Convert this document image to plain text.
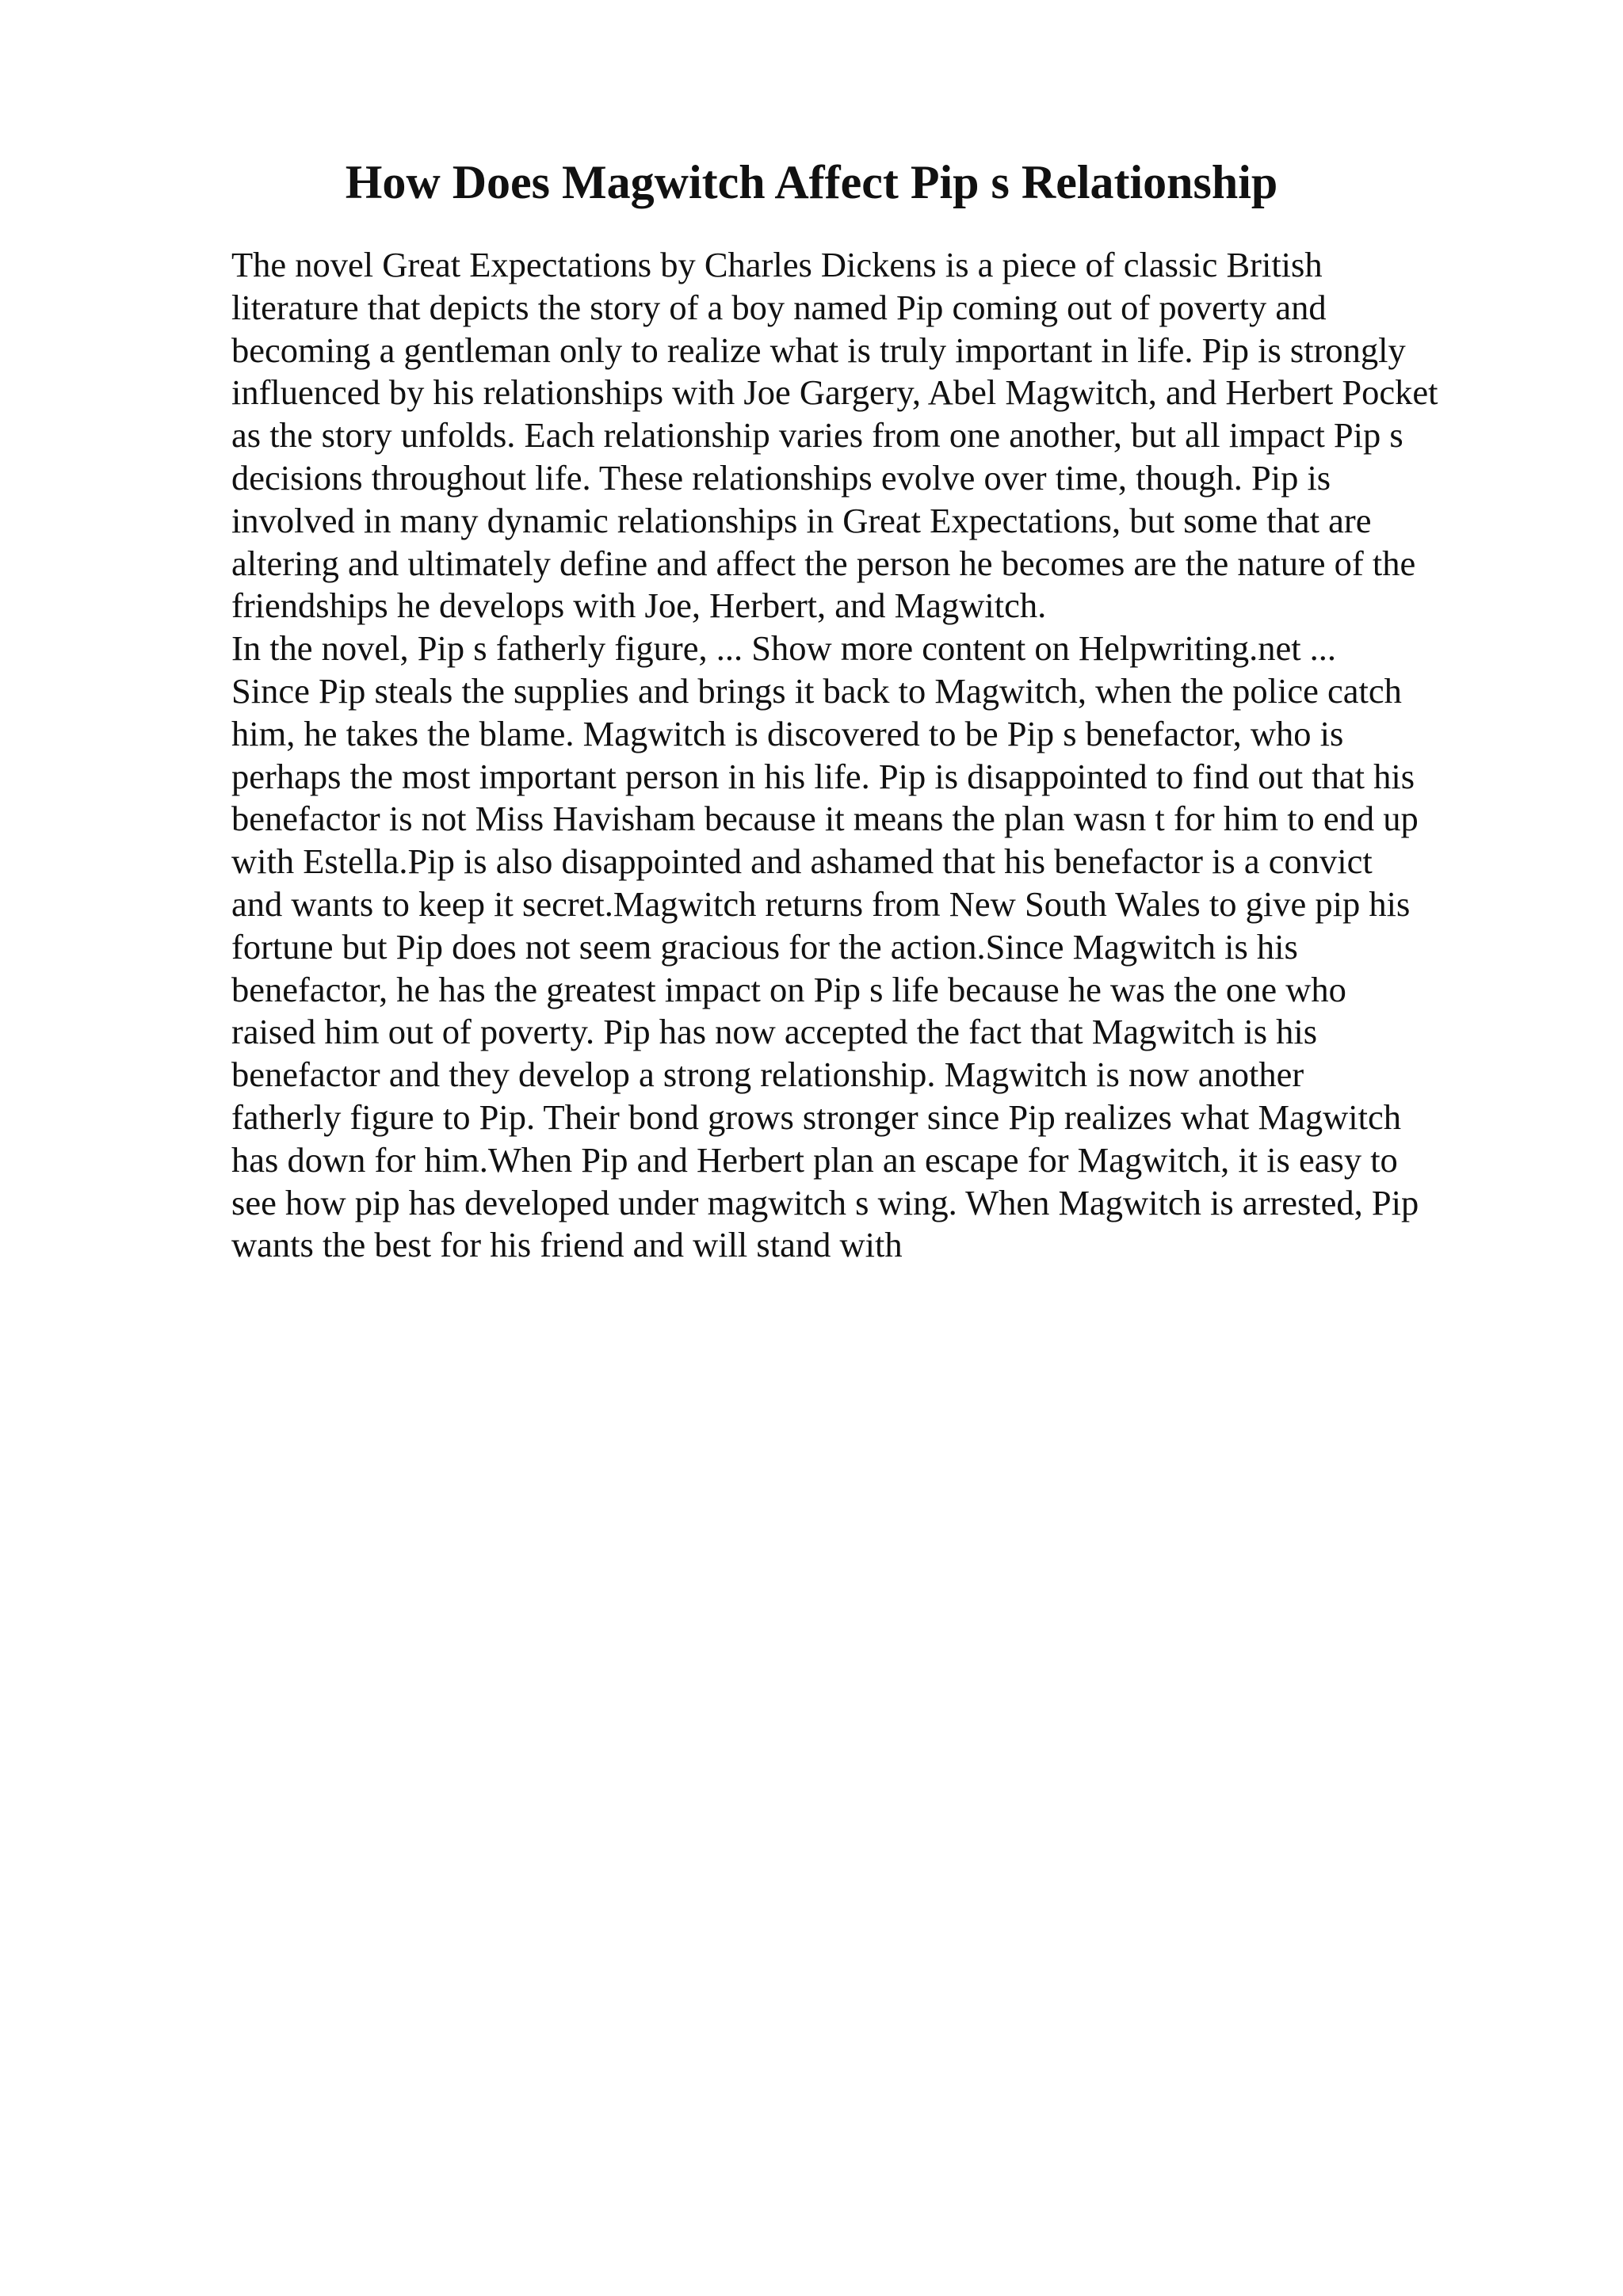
How Does Magwitch Affect Pip s Relationship
The novel Great Expectations by Charles Dickens is a piece of classic British
literature that depicts the story of a boy named Pip coming out of poverty and
becoming a gentleman only to realize what is truly important in life. Pip is strongly
influenced by his relationships with Joe Gargery, Abel Magwitch, and Herbert Pocket
as the story unfolds. Each relationship varies from one another, but all impact Pip s
decisions throughout life. These relationships evolve over time, though. Pip is
involved in many dynamic relationships in Great Expectations, but some that are
altering and ultimately define and affect the person he becomes are the nature of the
friendships he develops with Joe, Herbert, and Magwitch.
In the novel, Pip s fatherly figure, ... Show more content on Helpwriting.net ...
Since Pip steals the supplies and brings it back to Magwitch, when the police catch
him, he takes the blame. Magwitch is discovered to be Pip s benefactor, who is
perhaps the most important person in his life. Pip is disappointed to find out that his
benefactor is not Miss Havisham because it means the plan wasn t for him to end up
with Estella.Pip is also disappointed and ashamed that his benefactor is a convict
and wants to keep it secret.Magwitch returns from New South Wales to give pip his
fortune but Pip does not seem gracious for the action.Since Magwitch is his
benefactor, he has the greatest impact on Pip s life because he was the one who
raised him out of poverty. Pip has now accepted the fact that Magwitch is his
benefactor and they develop a strong relationship. Magwitch is now another
fatherly figure to Pip. Their bond grows stronger since Pip realizes what Magwitch
has down for him.When Pip and Herbert plan an escape for Magwitch, it is easy to
see how pip has developed under magwitch s wing. When Magwitch is arrested, Pip
wants the best for his friend and will stand with
